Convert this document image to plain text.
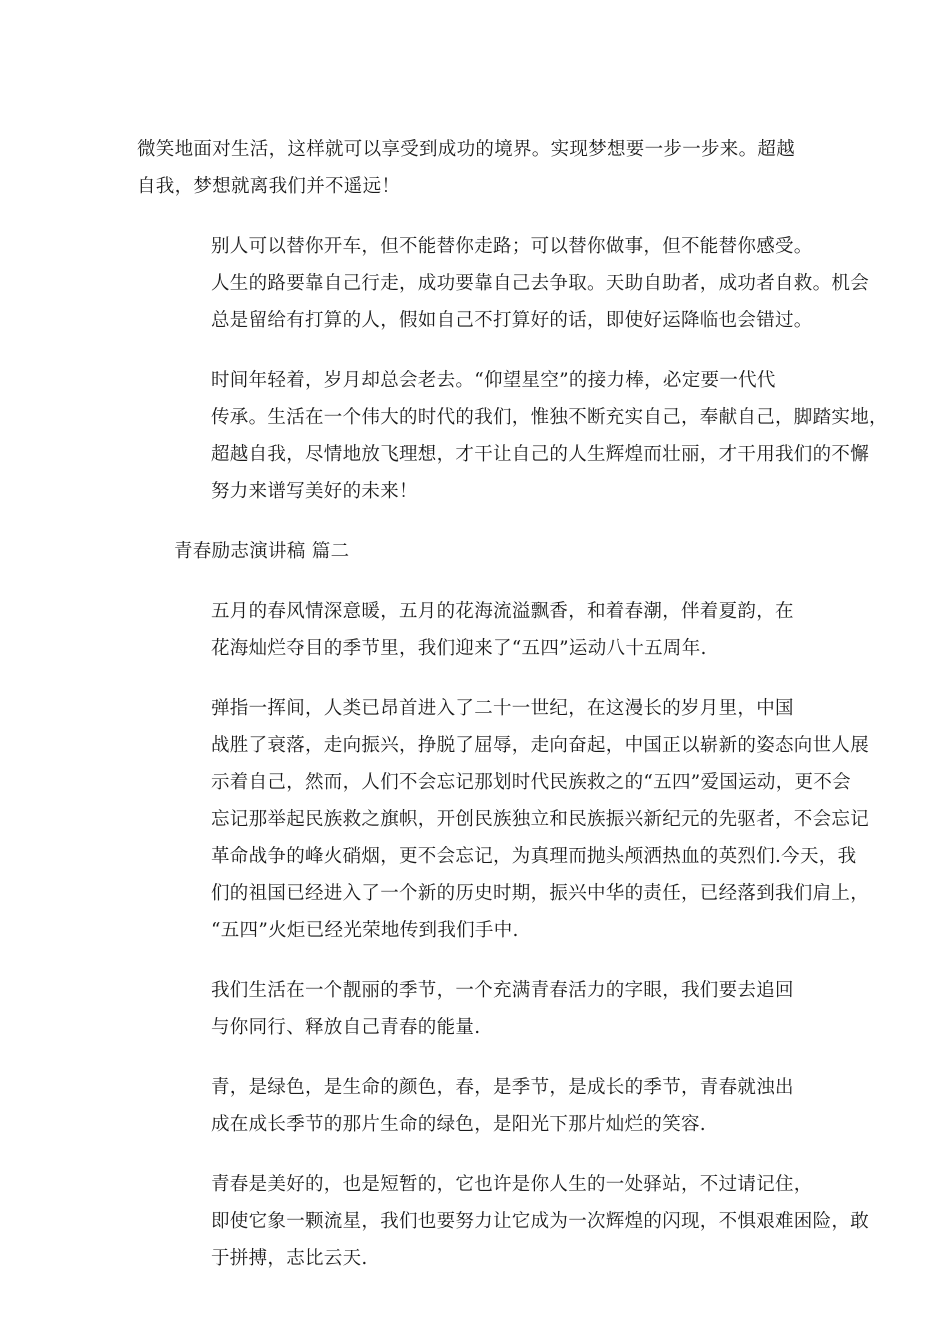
微笑地面对生活，这样就可以享受到成功的境界。实现梦想要一步一步来。超越
自我，梦想就离我们并不遥远！

别人可以替你开车，但不能替你走路；可以替你做事，但不能替你感受。
人生的路要靠自己行走，成功要靠自己去争取。天助自助者，成功者自救。机会
总是留给有打算的人，假如自己不打算好的话，即使好运降临也会错过。

时间年轻着，岁月却总会老去。“仰望星空”的接力棒，必定要一代代
传承。生活在一个伟大的时代的我们，惟独不断充实自己，奉献自己，脚踏实地，
超越自我，尽情地放飞理想，才干让自己的人生辉煌而壮丽，才干用我们的不懈
努力来谱写美好的未来！

青春励志演讲稿 篇二

五月的春风情深意暖，五月的花海流溢飘香，和着春潮，伴着夏韵，在
花海灿烂夺目的季节里，我们迎来了“五四”运动八十五周年.

弹指一挥间，人类已昂首进入了二十一世纪，在这漫长的岁月里，中国
战胜了衰落，走向振兴，挣脱了屈辱，走向奋起，中国正以崭新的姿态向世人展
示着自己，然而，人们不会忘记那划时代民族救之的“五四”爱国运动，更不会
忘记那举起民族救之旗帜，开创民族独立和民族振兴新纪元的先驱者，不会忘记
革命战争的峰火硝烟，更不会忘记，为真理而抛头颅洒热血的英烈们.今天，我
们的祖国已经进入了一个新的历史时期，振兴中华的责任，已经落到我们肩上，
“五四”火炬已经光荣地传到我们手中.

我们生活在一个靓丽的季节，一个充满青春活力的字眼，我们要去追回
与你同行、释放自己青春的能量.

青，是绿色，是生命的颜色，春，是季节，是成长的季节，青春就浊出
成在成长季节的那片生命的绿色，是阳光下那片灿烂的笑容.

青春是美好的，也是短暂的，它也许是你人生的一处驿站，不过请记住，
即使它象一颗流星，我们也要努力让它成为一次辉煌的闪现，不惧艰难困险，敢
于拼搏，志比云天.
